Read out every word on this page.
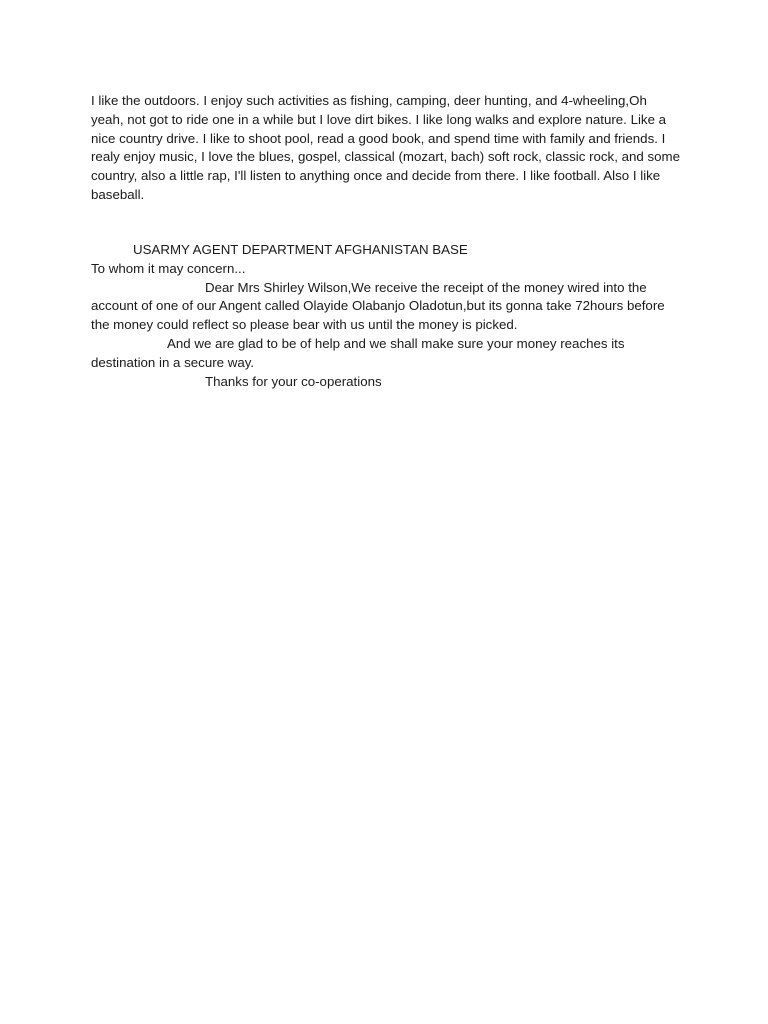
I like the outdoors. I enjoy such activities as fishing, camping, deer hunting, and 4-wheeling,Oh yeah, not got to ride one in a while but I love dirt bikes. I like long walks and explore nature. Like a nice country drive. I like to shoot pool, read a good book, and spend time with family and friends. I realy enjoy music, I love the blues, gospel, classical (mozart, bach) soft rock, classic rock, and some country, also a little rap, I'll listen to anything once and decide from there. I like football. Also I like baseball.

USARMY AGENT DEPARTMENT AFGHANISTAN BASE

To whom it may concern...

Dear Mrs Shirley Wilson,We receive the receipt of the money wired into the account of one of our Angent called Olayide Olabanjo Oladotun,but its gonna take 72hours before the money could reflect so please bear with us until the money is picked.

And we are glad to be of help and we shall make sure your money reaches its destination in a secure way.

Thanks for your co-operations
